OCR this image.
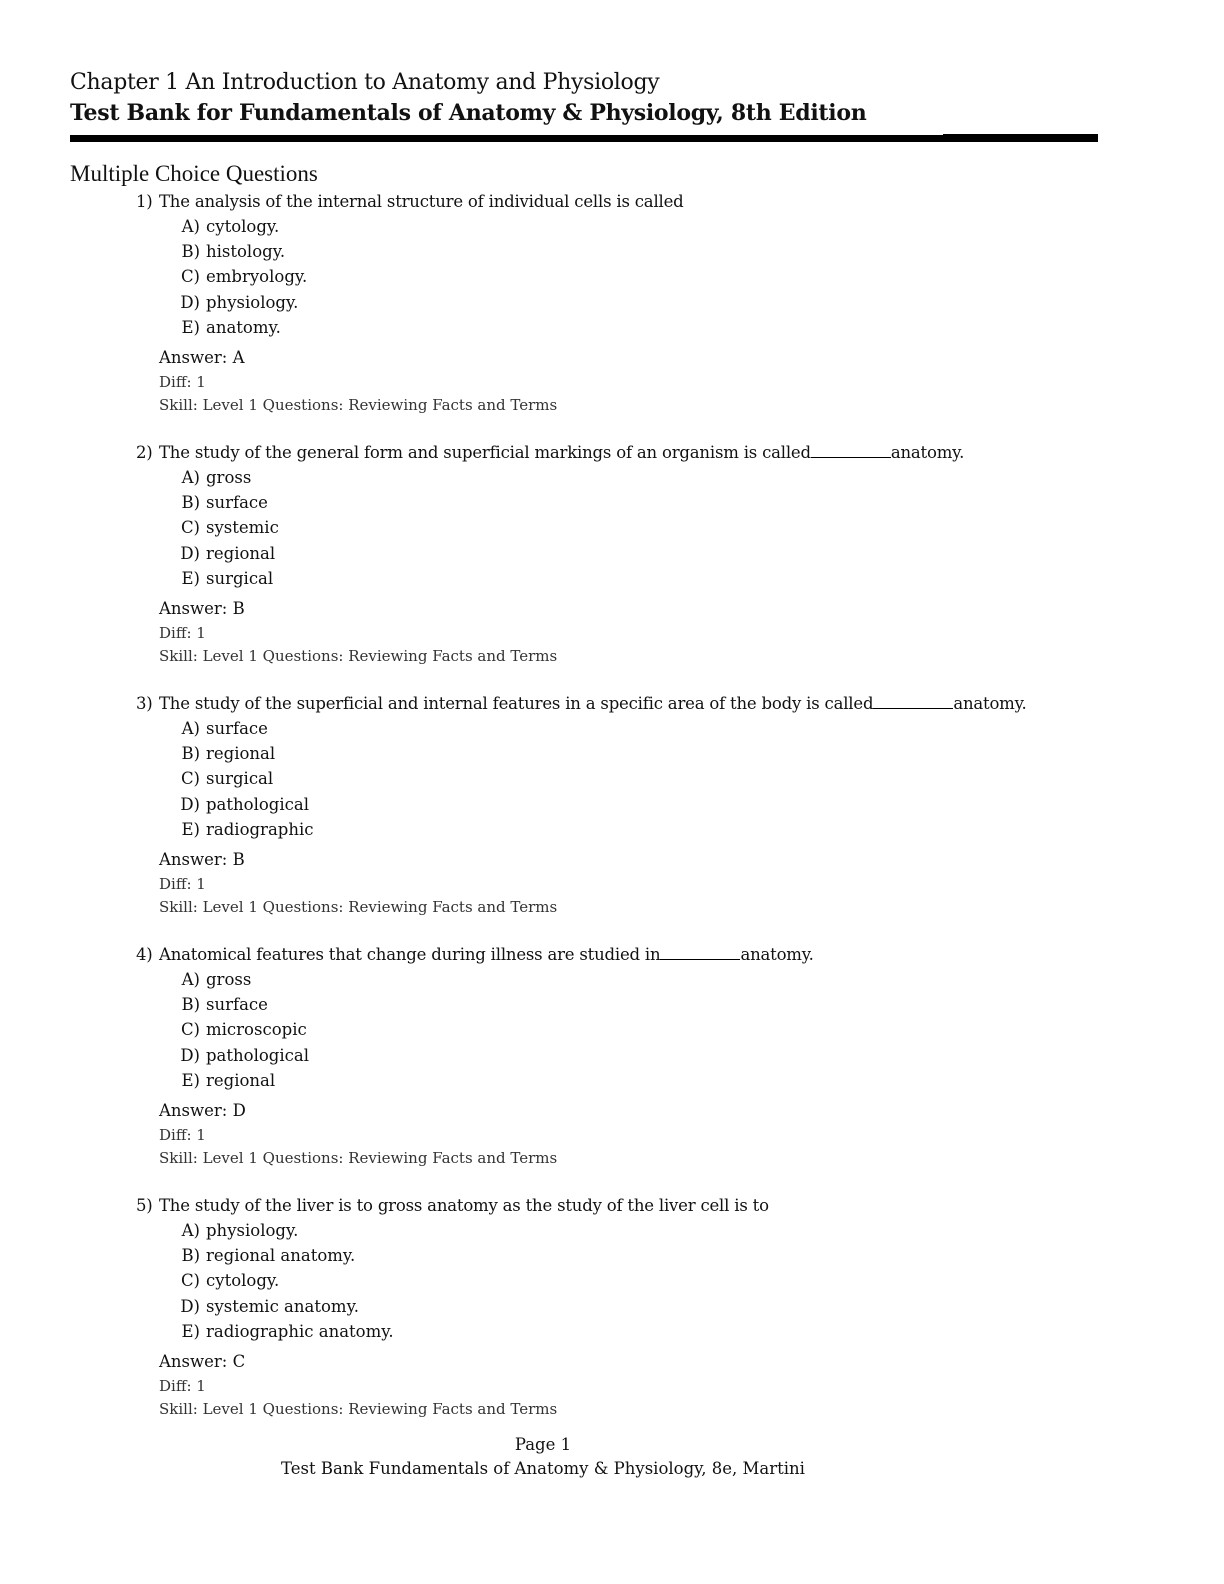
Chapter 1 An Introduction to Anatomy and Physiology
Test Bank for Fundamentals of Anatomy & Physiology, 8th Edition
Multiple Choice Questions
1) The analysis of the internal structure of individual cells is called
A) cytology.
B) histology.
C) embryology.
D) physiology.
E) anatomy.
Answer: A
Diff: 1
Skill: Level 1 Questions: Reviewing Facts and Terms
2) The study of the general form and superficial markings of an organism is called	anatomy.
A) gross
B) surface
C) systemic
D) regional
E) surgical
Answer: B
Diff: 1
Skill: Level 1 Questions: Reviewing Facts and Terms
3) The study of the superficial and internal features in a specific area of the body is called	anatomy.
A) surface
B) regional
C) surgical
D) pathological
E) radiographic
Answer: B
Diff: 1
Skill: Level 1 Questions: Reviewing Facts and Terms
4) Anatomical features that change during illness are studied in	anatomy.
A) gross
B) surface
C) microscopic
D) pathological
E) regional
Answer: D
Diff: 1
Skill: Level 1 Questions: Reviewing Facts and Terms
5) The study of the liver is to gross anatomy as the study of the liver cell is to
A) physiology.
B) regional anatomy.
C) cytology.
D) systemic anatomy.
E) radiographic anatomy.
Answer: C
Diff: 1
Skill: Level 1 Questions: Reviewing Facts and Terms
Page 1
Test Bank Fundamentals of Anatomy & Physiology, 8e, Martini
